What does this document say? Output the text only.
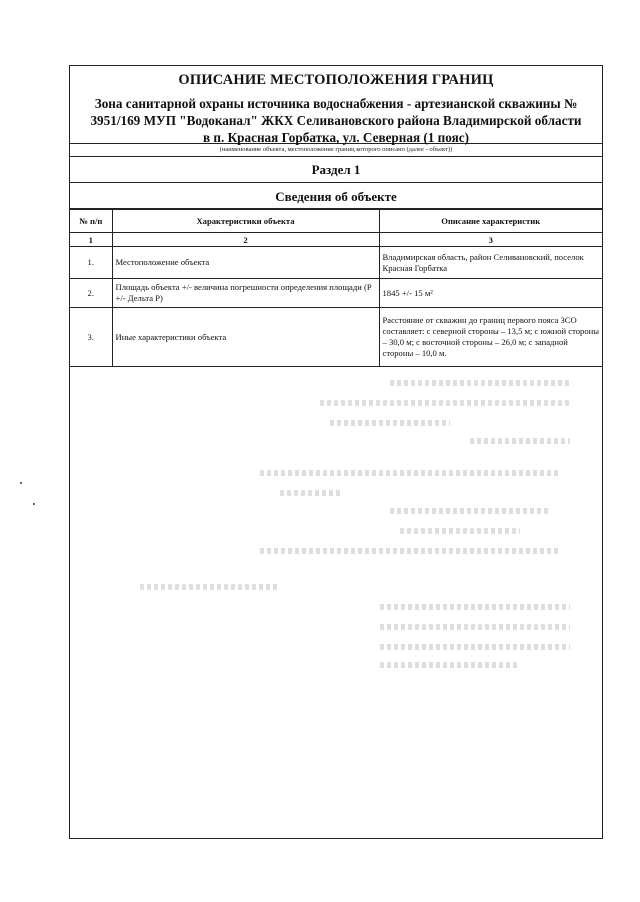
ОПИСАНИЕ МЕСТОПОЛОЖЕНИЯ ГРАНИЦ
Зона санитарной охраны источника водоснабжения - артезианской скважины №
3951/169 МУП "Водоканал" ЖКХ Селивановского района Владимирской области
в п. Красная Горбатка, ул. Северная (1 пояс)
(наименование объекта, местоположение границ которого описано (далее - объект))
Раздел 1
Сведения об объекте
№ п/п	Характеристики объекта	Описание характеристик
1	2	3
1.	Местоположение объекта	Владимирская область, район Селивановский, поселок Красная Горбатка
2.	Площадь объекта +/- величина погрешности определения площади (Р +/- Дельта Р)	1845 +/- 15 м²
3.	Иные характеристики объекта	Расстояние от скважин до границ первого пояса ЗСО составляет: с северной стороны – 13,5 м; с южной стороны – 30,0 м; с восточной стороны – 26,0 м; с западной стороны – 10,0 м.
